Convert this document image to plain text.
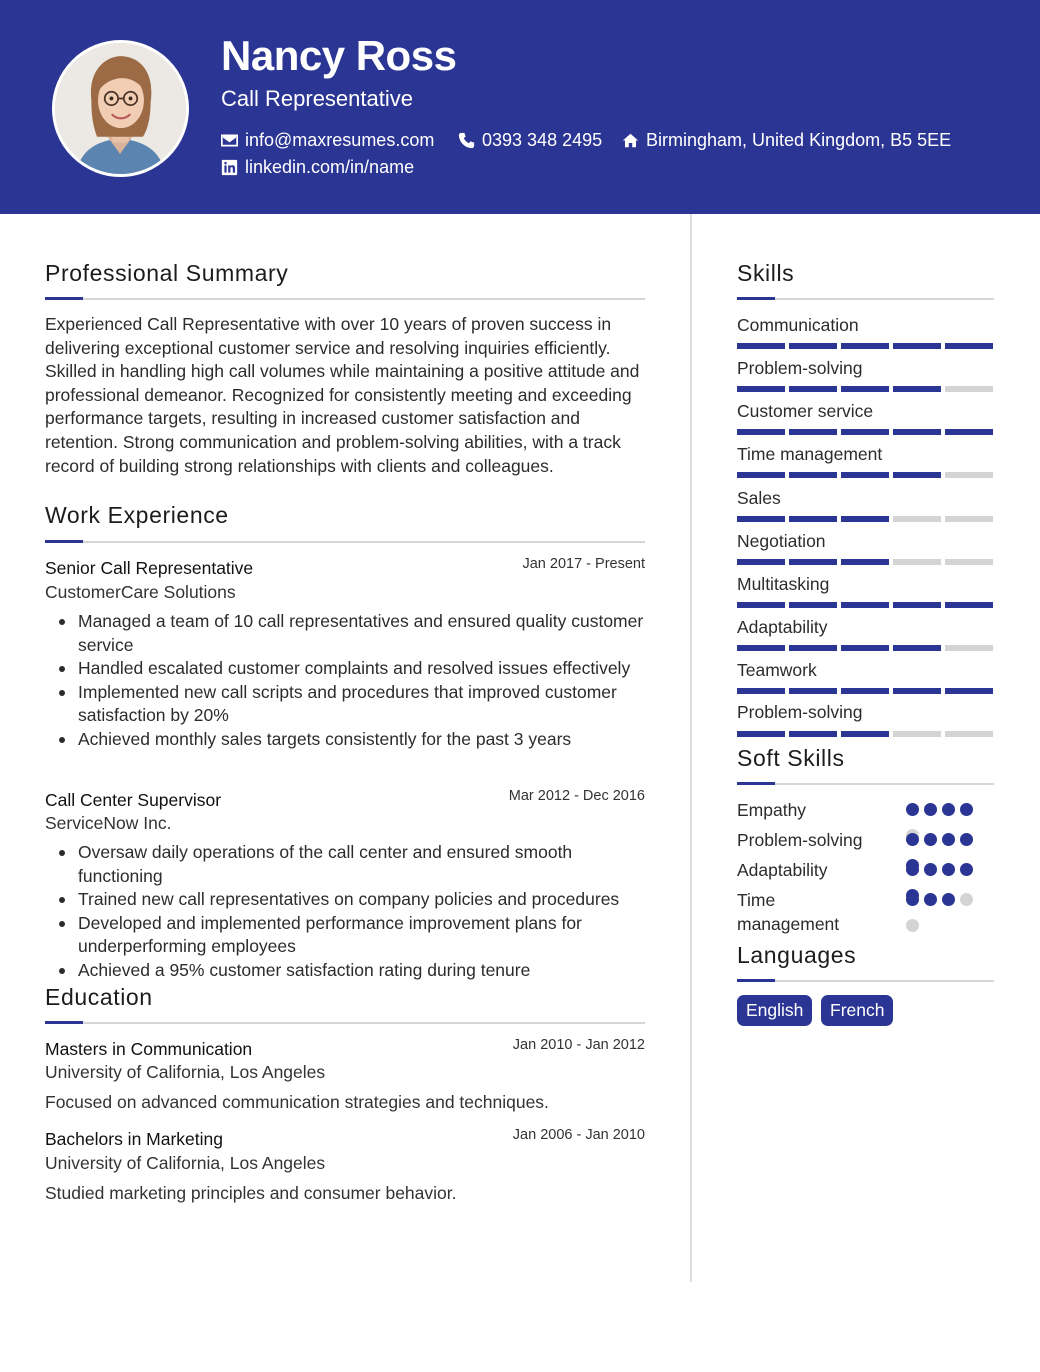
Nancy Ross
Call Representative
info@maxresumes.com	0393 348 2495 Birmingham, United Kingdom, B5 5EE
linkedin.com/in/name
Professional Summary
Experienced Call Representative with over 10 years of proven success in delivering exceptional customer service and resolving inquiries efficiently. Skilled in handling high call volumes while maintaining a positive attitude and professional demeanor. Recognized for consistently meeting and exceeding performance targets, resulting in increased customer satisfaction and retention. Strong communication and problem-solving abilities, with a track record of building strong relationships with clients and colleagues.
Work Experience
Senior Call Representative	Jan 2017 - Present
CustomerCare Solutions
Managed a team of 10 call representatives and ensured quality customer service
Handled escalated customer complaints and resolved issues effectively
Implemented new call scripts and procedures that improved customer satisfaction by 20%
Achieved monthly sales targets consistently for the past 3 years
Call Center Supervisor	Mar 2012 - Dec 2016
ServiceNow Inc.
Oversaw daily operations of the call center and ensured smooth functioning
Trained new call representatives on company policies and procedures
Developed and implemented performance improvement plans for underperforming employees
Achieved a 95% customer satisfaction rating during tenure
Education
Masters in Communication	Jan 2010 - Jan 2012
University of California, Los Angeles
Focused on advanced communication strategies and techniques.
Bachelors in Marketing	Jan 2006 - Jan 2010
University of California, Los Angeles
Studied marketing principles and consumer behavior.
Skills
Communication
Problem-solving
Customer service
Time management
Sales
Negotiation
Multitasking
Adaptability
Teamwork
Problem-solving
Soft Skills
Empathy
Problem-solving
Adaptability
Time management
Languages
English	French
